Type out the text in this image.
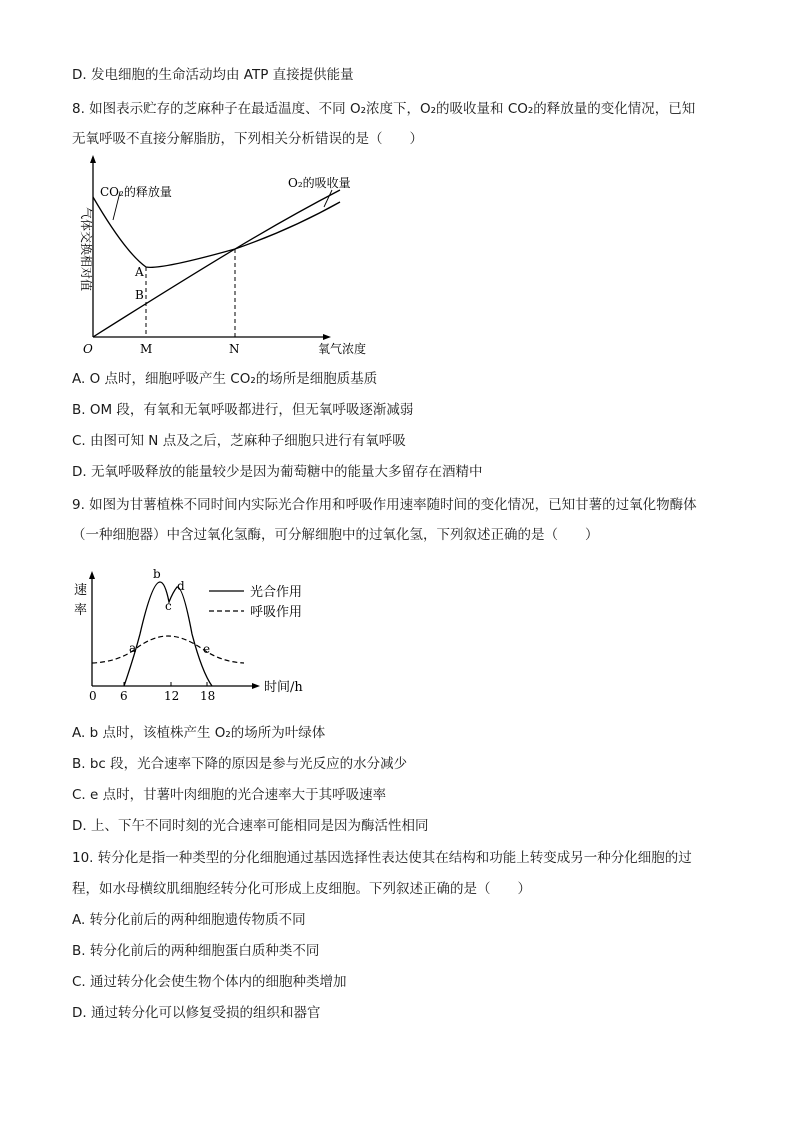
D. 发电细胞的生命活动均由 ATP 直接提供能量
8. 如图表示贮存的芝麻种子在最适温度、不同 O₂浓度下，O₂的吸收量和 CO₂的释放量的变化情况，已知
无氧呼吸不直接分解脂肪，下列相关分析错误的是（　　）
CO₂的释放量
O₂的吸收量
A
B
O	M	N	氧气浓度
气体交换相对值
A. O 点时，细胞呼吸产生 CO₂的场所是细胞质基质
B. OM 段，有氧和无氧呼吸都进行，但无氧呼吸逐渐减弱
C. 由图可知 N 点及之后，芝麻种子细胞只进行有氧呼吸
D. 无氧呼吸释放的能量较少是因为葡萄糖中的能量大多留存在酒精中
9. 如图为甘薯植株不同时间内实际光合作用和呼吸作用速率随时间的变化情况，已知甘薯的过氧化物酶体
（一种细胞器）中含过氧化氢酶，可分解细胞中的过氧化氢，下列叙述正确的是（　　）
速
率
0 6	12 18
时间/h
a
b
c
d
e
光合作用
呼吸作用
A. b 点时，该植株产生 O₂的场所为叶绿体
B. bc 段，光合速率下降的原因是参与光反应的水分减少
C. e 点时，甘薯叶肉细胞的光合速率大于其呼吸速率
D. 上、下午不同时刻的光合速率可能相同是因为酶活性相同
10. 转分化是指一种类型的分化细胞通过基因选择性表达使其在结构和功能上转变成另一种分化细胞的过
程，如水母横纹肌细胞经转分化可形成上皮细胞。下列叙述正确的是（　　）
A. 转分化前后的两种细胞遗传物质不同
B. 转分化前后的两种细胞蛋白质种类不同
C. 通过转分化会使生物个体内的细胞种类增加
D. 通过转分化可以修复受损的组织和器官
